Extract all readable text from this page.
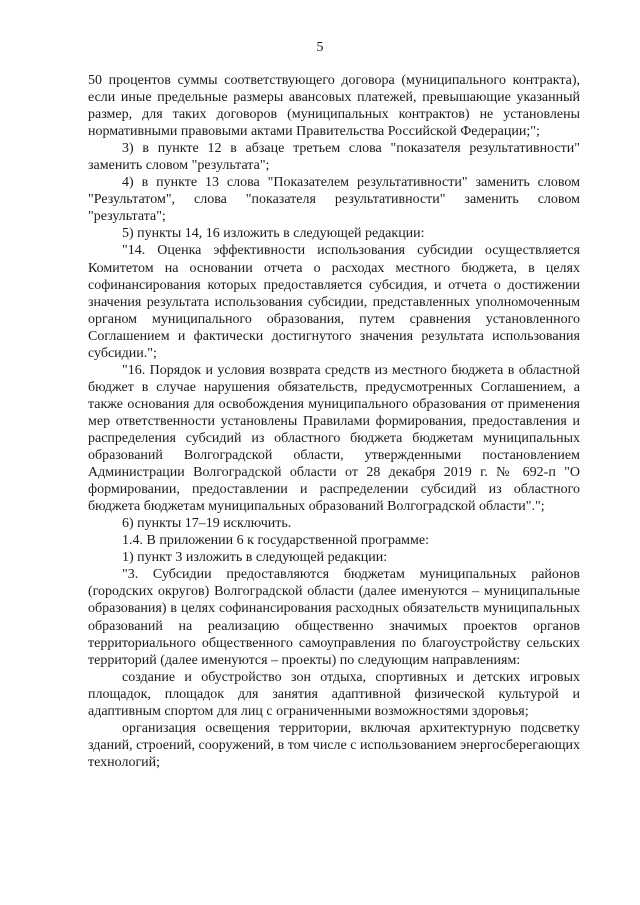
5

50 процентов суммы соответствующего договора (муниципального контракта), если иные предельные размеры авансовых платежей, превышающие указанный размер, для таких договоров (муниципальных контрактов) не установлены нормативными правовыми актами Правительства Российской Федерации;";

3) в пункте 12 в абзаце третьем слова "показателя результативности" заменить словом "результата";

4) в пункте 13 слова "Показателем результативности" заменить словом "Результатом", слова "показателя результативности" заменить словом "результата";

5) пункты 14, 16 изложить в следующей редакции:

"14. Оценка эффективности использования субсидии осуществляется Комитетом на основании отчета о расходах местного бюджета, в целях софинансирования которых предоставляется субсидия, и отчета о достижении значения результата использования субсидии, представленных уполномоченным органом муниципального образования, путем сравнения установленного Соглашением и фактически достигнутого значения результата использования субсидии.";

"16. Порядок и условия возврата средств из местного бюджета в областной бюджет в случае нарушения обязательств, предусмотренных Соглашением, а также основания для освобождения муниципального образования от применения мер ответственности установлены Правилами формирования, предоставления и распределения субсидий из областного бюджета бюджетам муниципальных образований Волгоградской области, утвержденными постановлением Администрации Волгоградской области от 28 декабря 2019 г. № 692-п "О формировании, предоставлении и распределении субсидий из областного бюджета бюджетам муниципальных образований Волгоградской области".";

6) пункты 17–19 исключить.

1.4. В приложении 6 к государственной программе:

1) пункт 3 изложить в следующей редакции:

"3. Субсидии предоставляются бюджетам муниципальных районов (городских округов) Волгоградской области (далее именуются – муниципальные образования) в целях софинансирования расходных обязательств муниципальных образований на реализацию общественно значимых проектов органов территориального общественного самоуправления по благоустройству сельских территорий (далее именуются – проекты) по следующим направлениям:

создание и обустройство зон отдыха, спортивных и детских игровых площадок, площадок для занятия адаптивной физической культурой и адаптивным спортом для лиц с ограниченными возможностями здоровья;

организация освещения территории, включая архитектурную подсветку зданий, строений, сооружений, в том числе с использованием энергосберегающих технологий;
